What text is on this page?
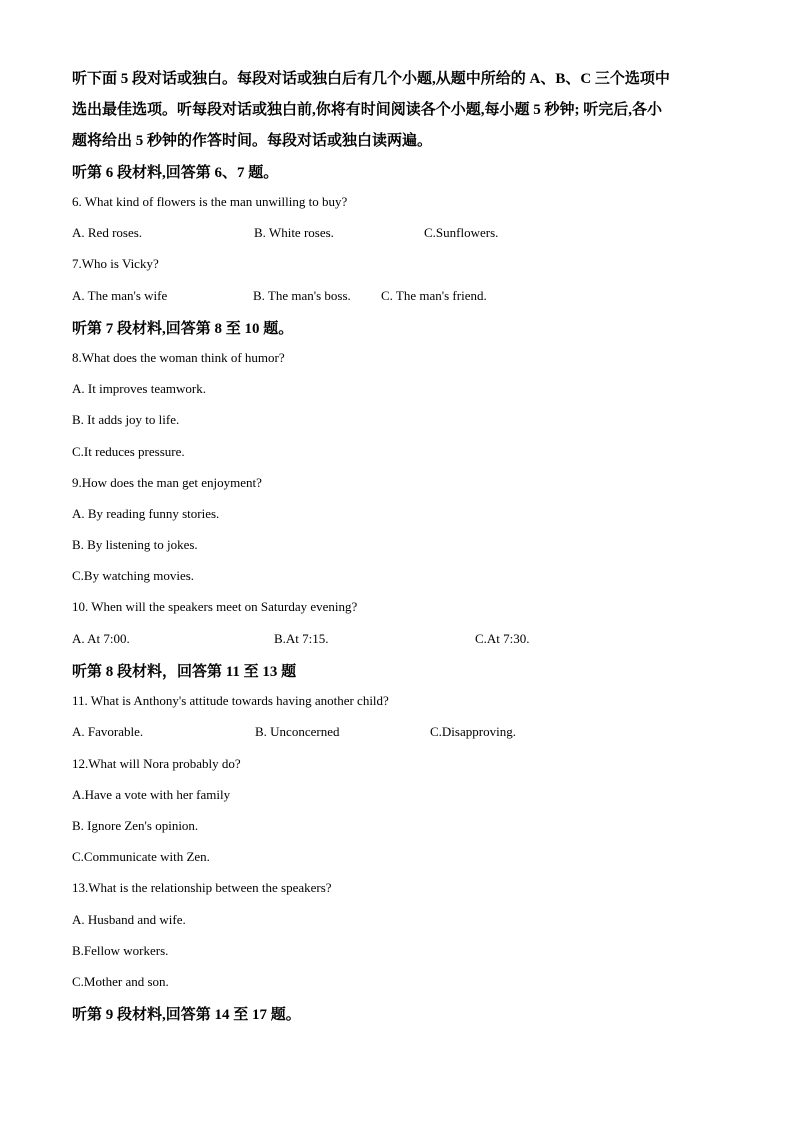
听下面 5 段对话或独白。每段对话或独白后有几个小题,从题中所给的 A、B、C 三个选项中
选出最佳选项。听每段对话或独白前,你将有时间阅读各个小题,每小题 5 秒钟; 听完后,各小
题将给出 5 秒钟的作答时间。每段对话或独白读两遍。
听第 6 段材料,回答第 6、7 题。
6. What kind of flowers is the man unwilling to buy?
A. Red roses.	B. White roses.	C.Sunflowers.
7.Who is Vicky?
A. The man's wife	B. The man's boss. C. The man's friend.
听第 7 段材料,回答第 8 至 10 题。
8.What does the woman think of humor?
A. It improves teamwork.
B. It adds joy to life.
C.It reduces pressure.
9.How does the man get enjoyment?
A. By reading funny stories.
B. By listening to jokes.
C.By watching movies.
10. When will the speakers meet on Saturday evening?
A. At 7:00.	B.At 7:15.	C.At 7:30.
听第 8 段材料，回答第 11 至 13 题
11. What is Anthony's attitude towards having another child?
A. Favorable.	B. Unconcerned	C.Disapproving.
12.What will Nora probably do?
A.Have a vote with her family
B. Ignore Zen's opinion.
C.Communicate with Zen.
13.What is the relationship between the speakers?
A. Husband and wife.
B.Fellow workers.
C.Mother and son.
听第 9 段材料,回答第 14 至 17 题。
